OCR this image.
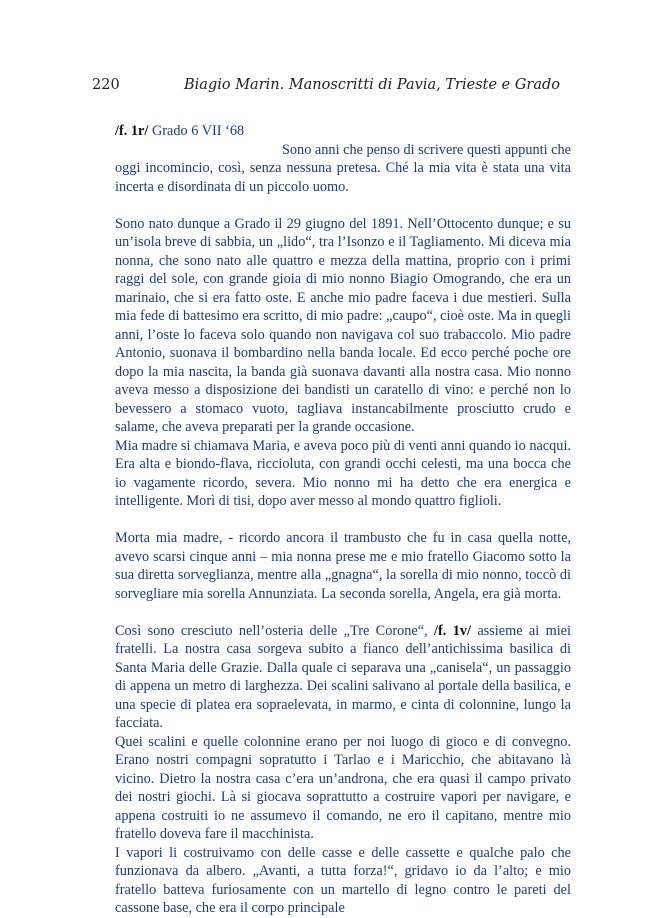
220	Biagio Marin. Manoscritti di Pavia, Trieste e Grado

/f. 1r/ Grado 6 VII ‘68
Sono anni che penso di scrivere questi appunti che
oggi incomincio, così, senza nessuna pretesa. Ché la mia vita è stata una vita incerta e disordinata di un piccolo uomo.

Sono nato dunque a Grado il 29 giugno del 1891. Nell’Ottocento dunque; e su un’isola breve di sabbia, un „lido“, tra l’Isonzo e il Tagliamento. Mi diceva mia nonna, che sono nato alle quattro e mezza della mattina, proprio con i primi raggi del sole, con grande gioia di mio nonno Biagio Omogrando, che era un marinaio, che si era fatto oste. E anche mio padre faceva i due mestieri. Sulla mia fede di battesimo era scritto, di mio padre: „caupo“, cioè oste. Ma in quegli anni, l’oste lo faceva solo quando non navigava col suo trabaccolo. Mio padre Antonio, suonava il bombardino nella banda locale. Ed ecco perché poche ore dopo la mia nascita, la banda già suonava davanti alla nostra casa. Mio nonno aveva messo a disposizione dei bandisti un caratello di vino: e perché non lo bevessero a stomaco vuoto, tagliava instancabilmente prosciutto crudo e salame, che aveva preparati per la grande occasione.

Mia madre si chiamava Maria, e aveva poco più di venti anni quando io nacqui. Era alta e biondo-flava, riccioluta, con grandi occhi celesti, ma una bocca che io vagamente ricordo, severa. Mio nonno mi ha detto che era energica e intelligente. Morì di tisi, dopo aver messo al mondo quattro figlioli.

Morta mia madre, - ricordo ancora il trambusto che fu in casa quella notte, avevo scarsi cinque anni – mia nonna prese me e mio fratello Giacomo sotto la sua diretta sorveglianza, mentre alla „gnagna“, la sorella di mio nonno, toccò di sorvegliare mia sorella Annunziata. La seconda sorella, Angela, era già morta.

Così sono cresciuto nell’osteria delle „Tre Corone“, /f. 1v/ assieme ai miei fratelli. La nostra casa sorgeva subito a fianco dell’antichissima basilica di Santa Maria delle Grazie. Dalla quale ci separava una „canisela“, un passaggio di appena un metro di larghezza. Dei scalini salivano al portale della basilica, e una specie di platea era sopraelevata, in marmo, e cinta di colonnine, lungo la facciata.

Quei scalini e quelle colonnine erano per noi luogo di gioco e di convegno. Erano nostri compagni sopratutto i Tarlao e i Maricchio, che abitavano là vicino. Dietro la nostra casa c’era un’androna, che era quasi il campo privato dei nostri giochi. Là si giocava soprattutto a costruire vapori per navigare, e appena costruiti io ne assumevo il comando, ne ero il capitano, mentre mio fratello doveva fare il macchinista.

I vapori li costruivamo con delle casse e delle cassette e qualche palo che funzionava da albero. „Avanti, a tutta forza!“, gridavo io da l’alto; e mio fratello batteva furiosamente con un martello di legno contro le pareti del cassone base, che era il corpo principale
